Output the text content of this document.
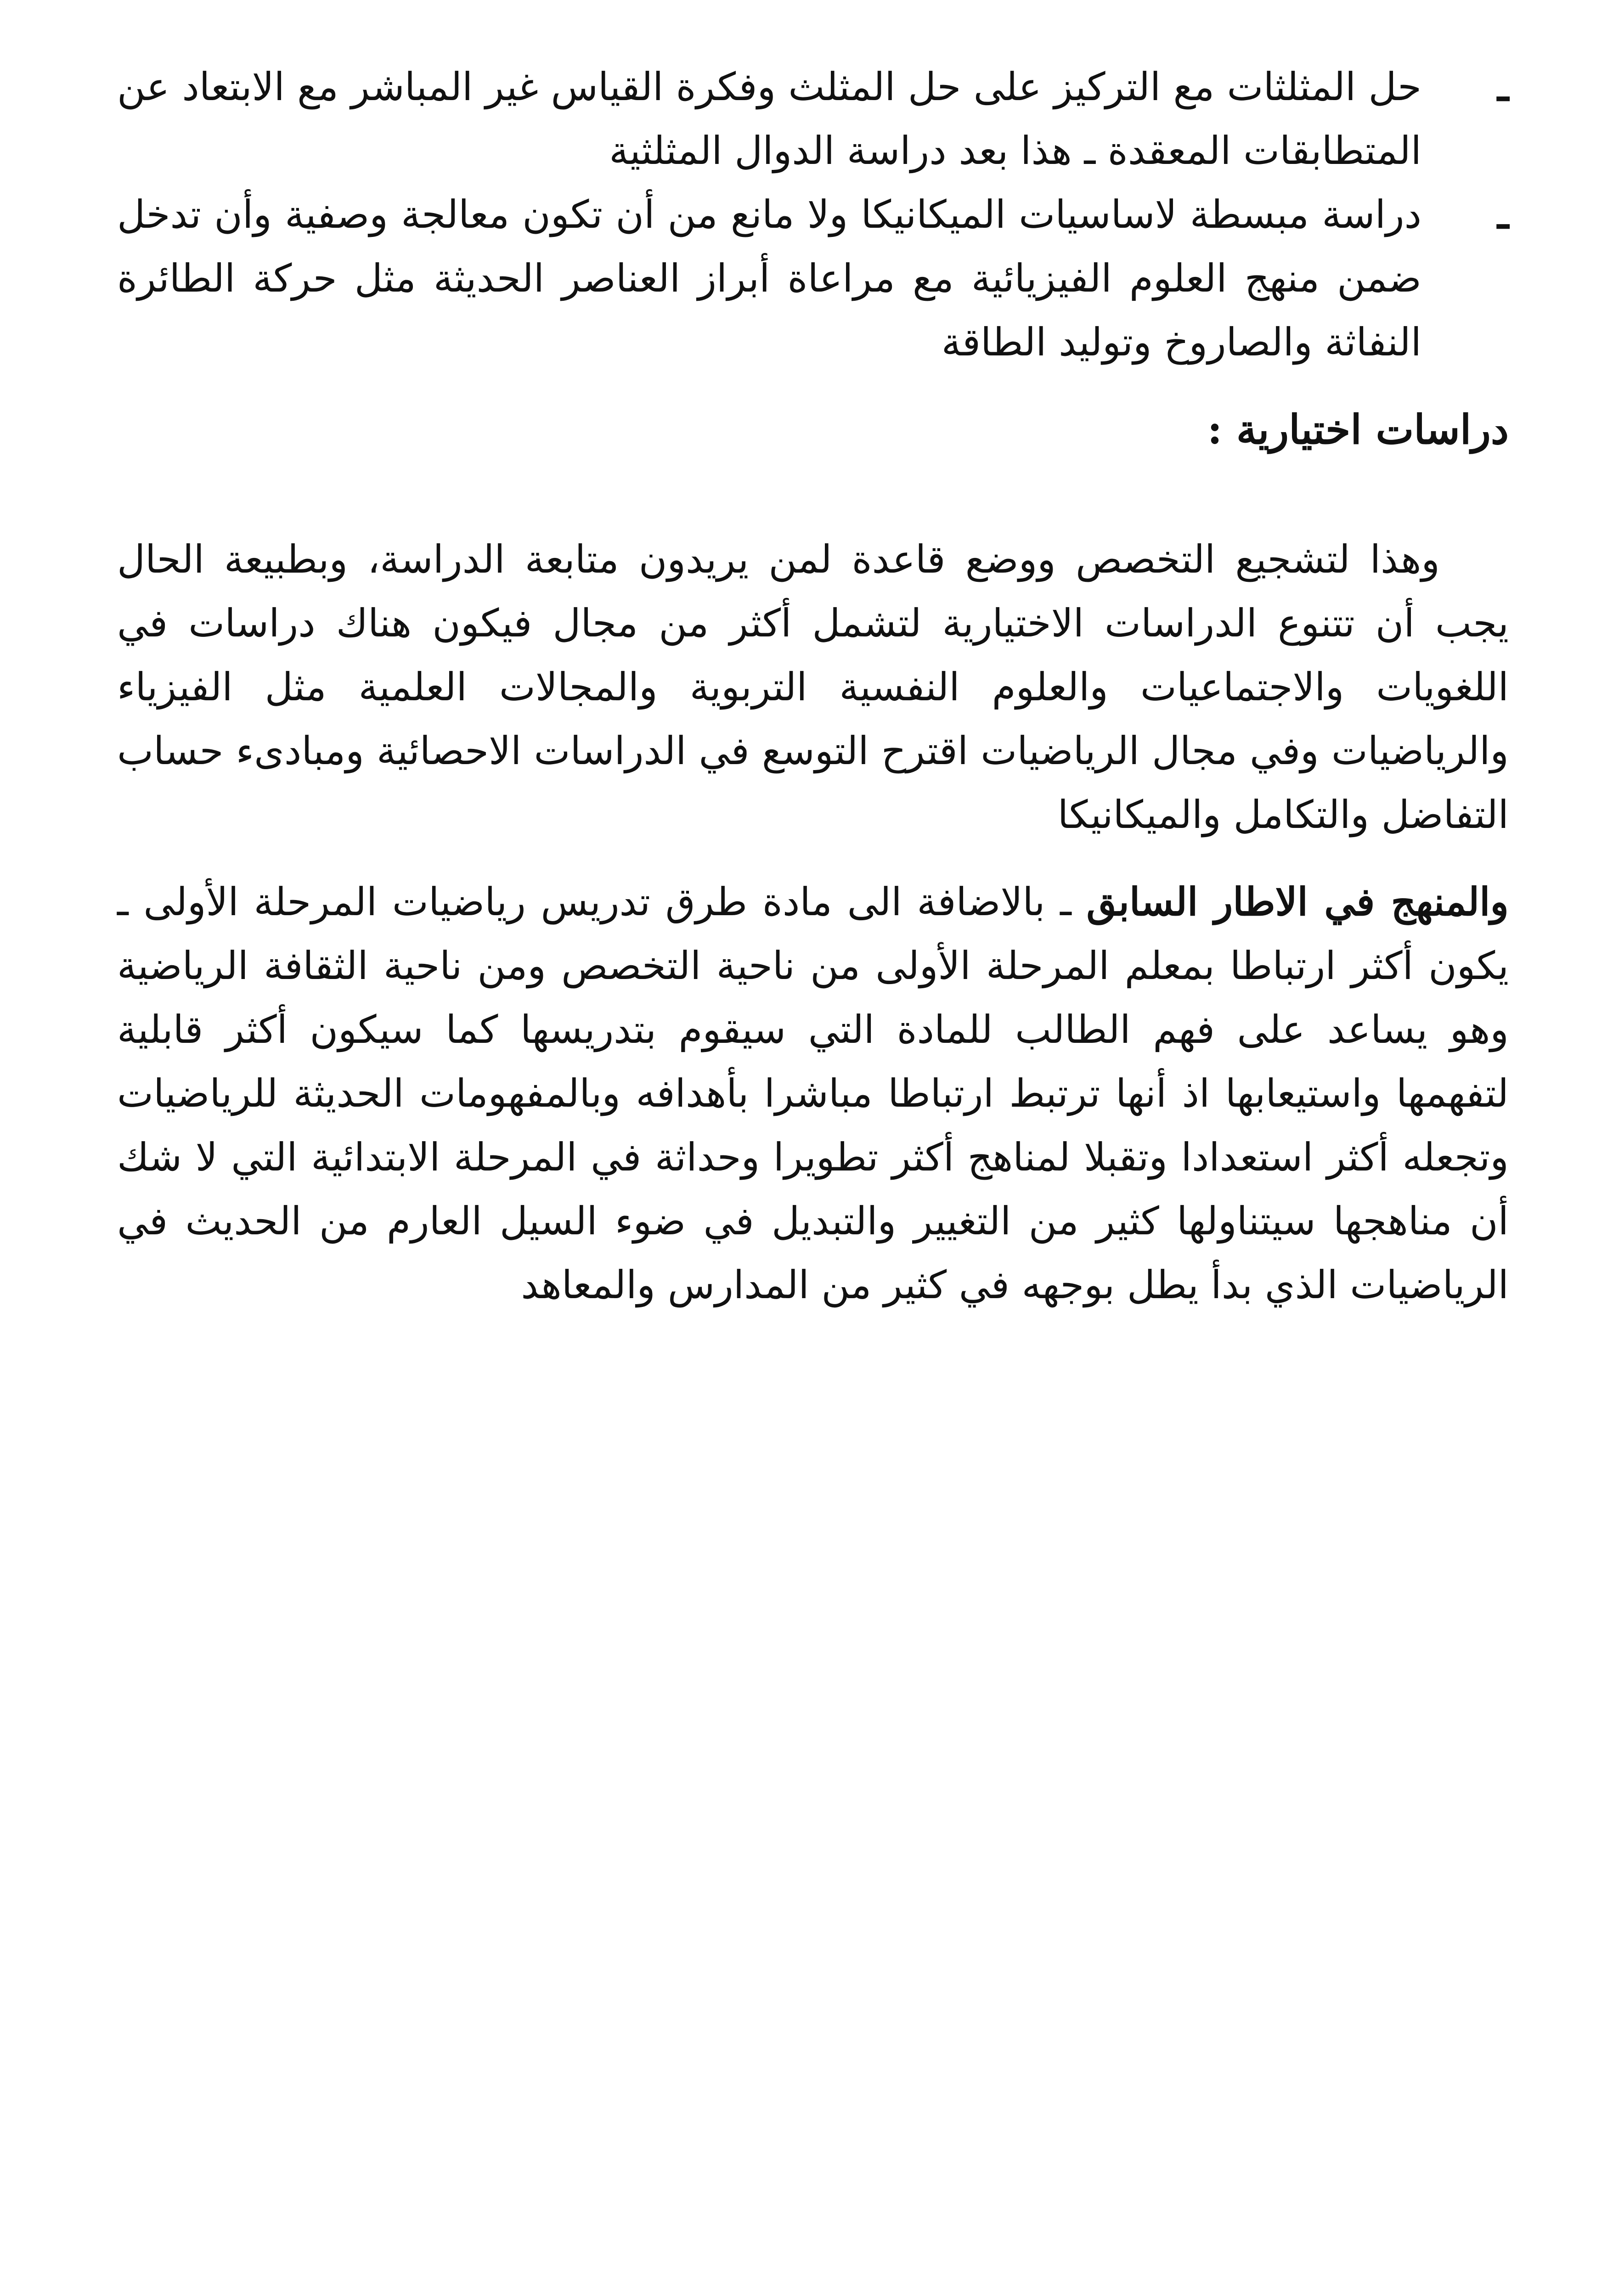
ـ
حل المثلثات مع التركيز على حل المثلث وفكرة القياس غير المباشر مع الابتعاد عن المتطابقات المعقدة ـ هذا بعد دراسة الدوال المثلثية

ـ
دراسة مبسطة لاساسيات الميكانيكا ولا مانع من أن تكون معالجة وصفية وأن تدخل ضمن منهج العلوم الفيزيائية مع مراعاة أبراز العناصر الحديثة مثل حركة الطائرة النفاثة والصاروخ وتوليد الطاقة

دراسات اختيارية :

وهذا لتشجيع التخصص ووضع قاعدة لمن يريدون متابعة الدراسة، وبطبيعة الحال يجب أن تتنوع الدراسات الاختيارية لتشمل أكثر من مجال فيكون هناك دراسات في اللغويات والاجتماعيات والعلوم النفسية التربوية والمجالات العلمية مثل الفيزياء والرياضيات وفي مجال الرياضيات اقترح التوسع في الدراسات الاحصائية ومبادىء حساب التفاضل والتكامل والميكانيكا

والمنهج في الاطار السابق ـ بالاضافة الى مادة طرق تدريس رياضيات المرحلة الأولى ـ يكون أكثر ارتباطا بمعلم المرحلة الأولى من ناحية التخصص ومن ناحية الثقافة الرياضية وهو يساعد على فهم الطالب للمادة التي سيقوم بتدريسها كما سيكون أكثر قابلية لتفهمها واستيعابها اذ أنها ترتبط ارتباطا مباشرا بأهدافه وبالمفهومات الحديثة للرياضيات وتجعله أكثر استعدادا وتقبلا لمناهج أكثر تطويرا وحداثة في المرحلة الابتدائية التي لا شك أن مناهجها سيتناولها كثير من التغيير والتبديل في ضوء السيل العارم من الحديث في الرياضيات الذي بدأ يطل بوجهه في كثير من المدارس والمعاهد
